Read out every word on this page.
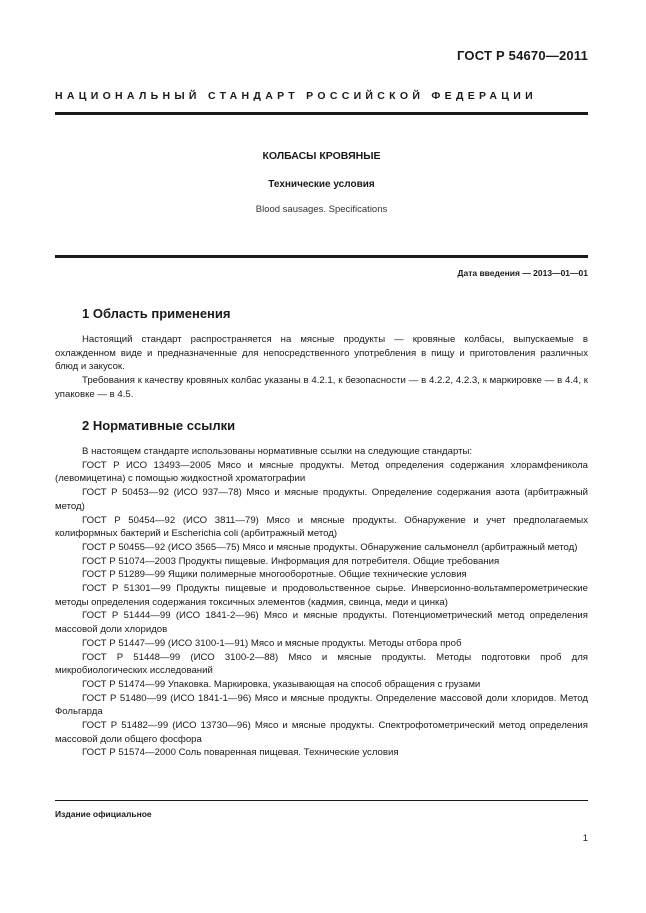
ГОСТ Р 54670—2011
НАЦИОНАЛЬНЫЙ СТАНДАРТ РОССИЙСКОЙ ФЕДЕРАЦИИ
КОЛБАСЫ КРОВЯНЫЕ
Технические условия
Blood sausages. Specifications
Дата введения — 2013—01—01
1 Область применения

Настоящий стандарт распространяется на мясные продукты — кровяные колбасы, выпускаемые в охлажденном виде и предназначенные для непосредственного употребления в пищу и приготовления различных блюд и закусок.

Требования к качеству кровяных колбас указаны в 4.2.1, к безопасности — в 4.2.2, 4.2.3, к маркировке — в 4.4, к упаковке — в 4.5.

2 Нормативные ссылки

В настоящем стандарте использованы нормативные ссылки на следующие стандарты:

ГОСТ Р ИСО 13493—2005 Мясо и мясные продукты. Метод определения содержания хлорамфеникола (левомицетина) с помощью жидкостной хроматографии

ГОСТ Р 50453—92 (ИСО 937—78) Мясо и мясные продукты. Определение содержания азота (арбитражный метод)

ГОСТ Р 50454—92 (ИСО 3811—79) Мясо и мясные продукты. Обнаружение и учет предполагаемых колиформных бактерий и Escherichia coli (арбитражный метод)

ГОСТ Р 50455—92 (ИСО 3565—75) Мясо и мясные продукты. Обнаружение сальмонелл (арбитражный метод)

ГОСТ Р 51074—2003 Продукты пищевые. Информация для потребителя. Общие требования

ГОСТ Р 51289—99 Ящики полимерные многооборотные. Общие технические условия

ГОСТ Р 51301—99 Продукты пищевые и продовольственное сырье. Инверсионно-вольтамперометрические методы определения содержания токсичных элементов (кадмия, свинца, меди и цинка)

ГОСТ Р 51444—99 (ИСО 1841-2—96) Мясо и мясные продукты. Потенциометрический метод определения массовой доли хлоридов

ГОСТ Р 51447—99 (ИСО 3100-1—91) Мясо и мясные продукты. Методы отбора проб

ГОСТ Р 51448—99 (ИСО 3100-2—88) Мясо и мясные продукты. Методы подготовки проб для микробиологических исследований

ГОСТ Р 51474—99 Упаковка. Маркировка, указывающая на способ обращения с грузами

ГОСТ Р 51480—99 (ИСО 1841-1—96) Мясо и мясные продукты. Определение массовой доли хлоридов. Метод Фольгарда

ГОСТ Р 51482—99 (ИСО 13730—96) Мясо и мясные продукты. Спектрофотометрический метод определения массовой доли общего фосфора

ГОСТ Р 51574—2000 Соль поваренная пищевая. Технические условия

Издание официальное
1
